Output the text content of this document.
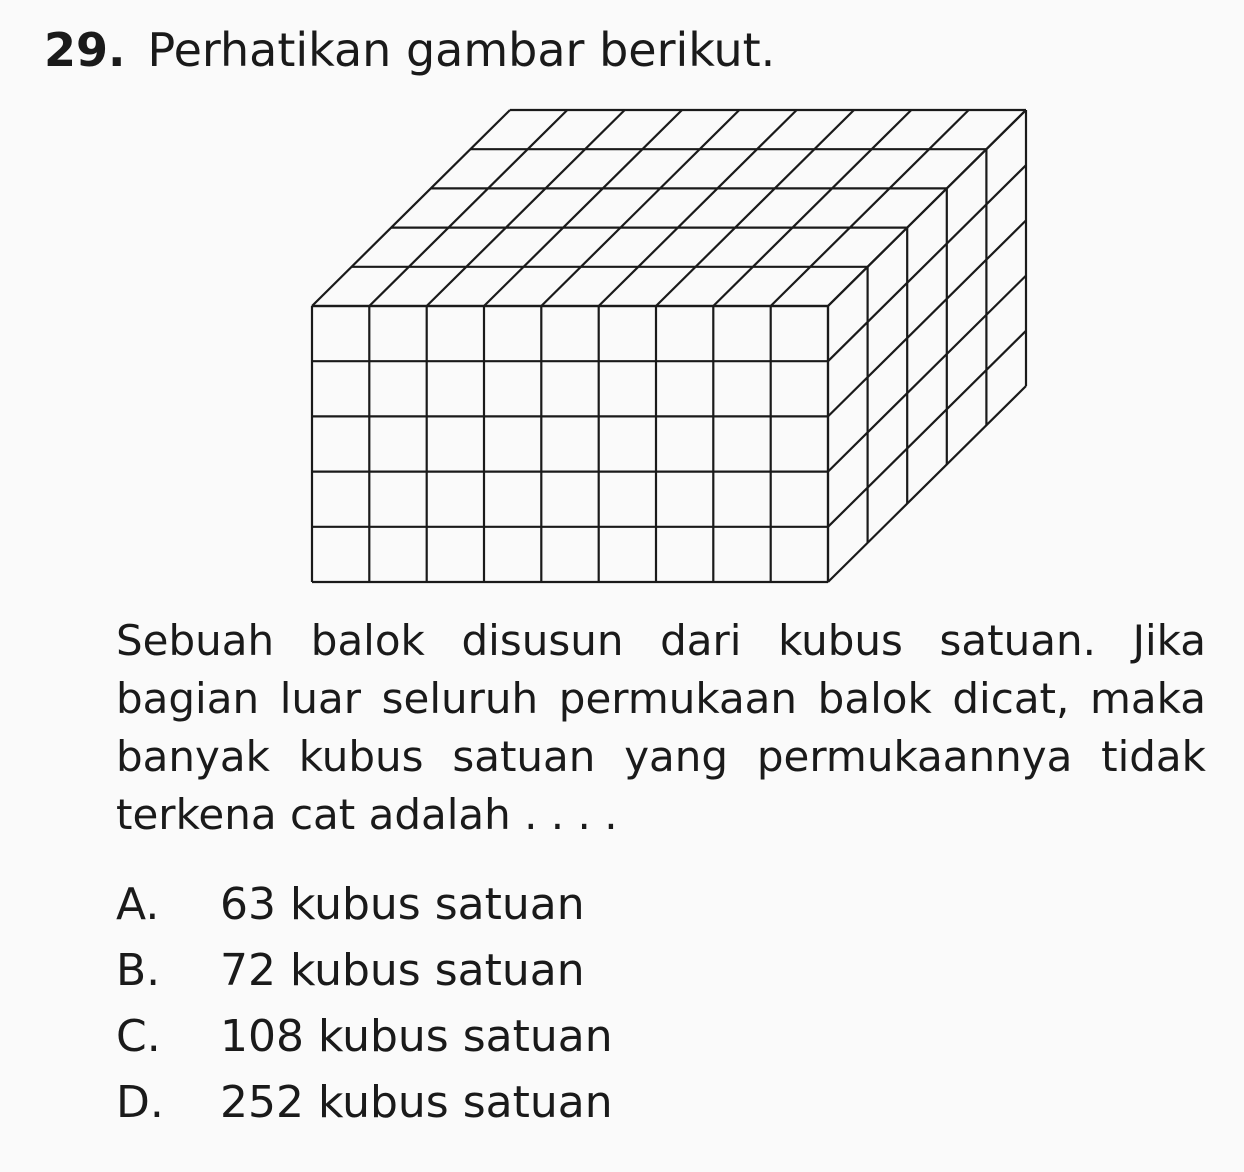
29. Perhatikan gambar berikut.
Sebuah balok disusun dari kubus satuan. Jika bagian luar seluruh permukaan balok dicat, maka banyak kubus satuan yang permukaannya tidak terkena cat adalah . . . .
A. 63 kubus satuan
B. 72 kubus satuan
C. 108 kubus satuan
D. 252 kubus satuan
